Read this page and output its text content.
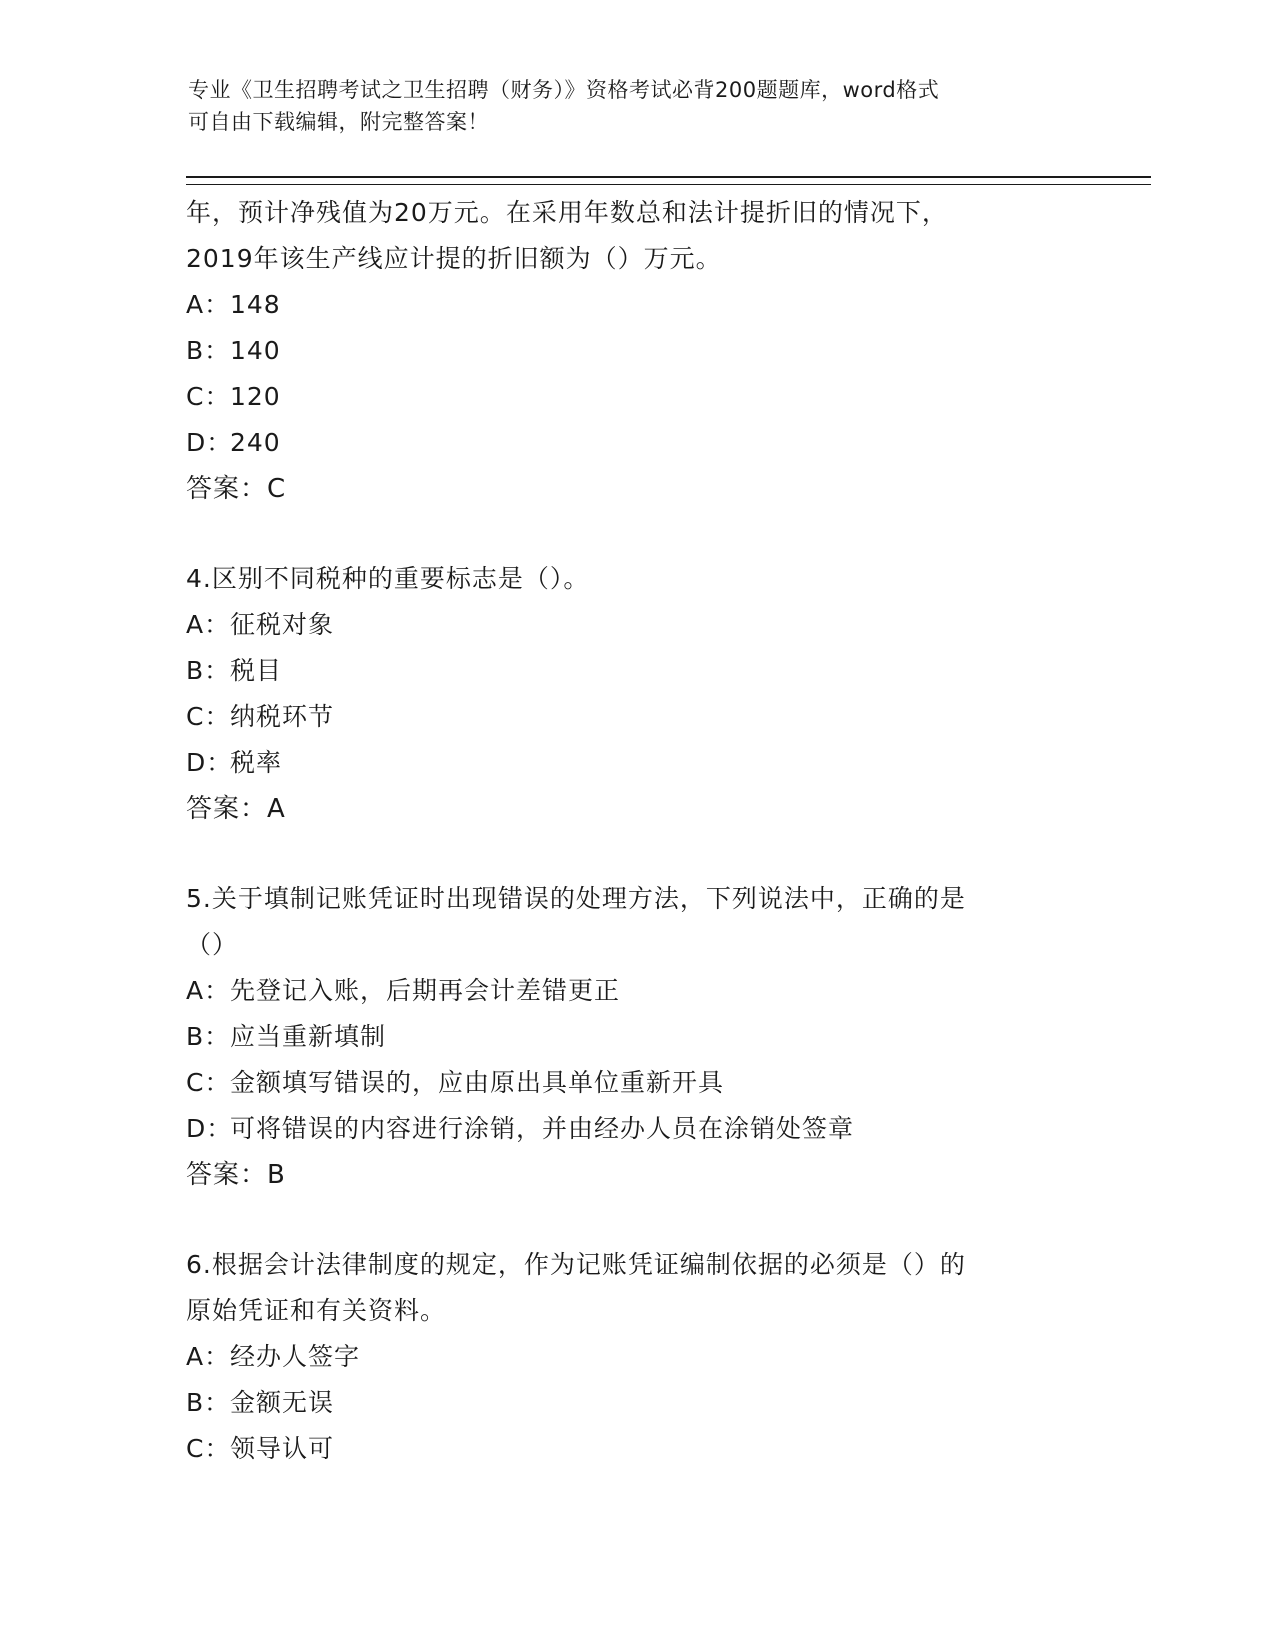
专业《卫生招聘考试之卫生招聘（财务）》资格考试必背200题题库，word格式
可自由下载编辑，附完整答案！
年，预计净残值为20万元。在采用年数总和法计提折旧的情况下，
2019年该生产线应计提的折旧额为（）万元。
A：148
B：140
C：120
D：240
答案：C
4.区别不同税种的重要标志是（）。
A：征税对象
B：税目
C：纳税环节
D：税率
答案：A
5.关于填制记账凭证时出现错误的处理方法，下列说法中，正确的是
（）
A：先登记入账，后期再会计差错更正
B：应当重新填制
C：金额填写错误的，应由原出具单位重新开具
D：可将错误的内容进行涂销，并由经办人员在涂销处签章
答案：B
6.根据会计法律制度的规定，作为记账凭证编制依据的必须是（）的
原始凭证和有关资料。
A：经办人签字
B：金额无误
C：领导认可
